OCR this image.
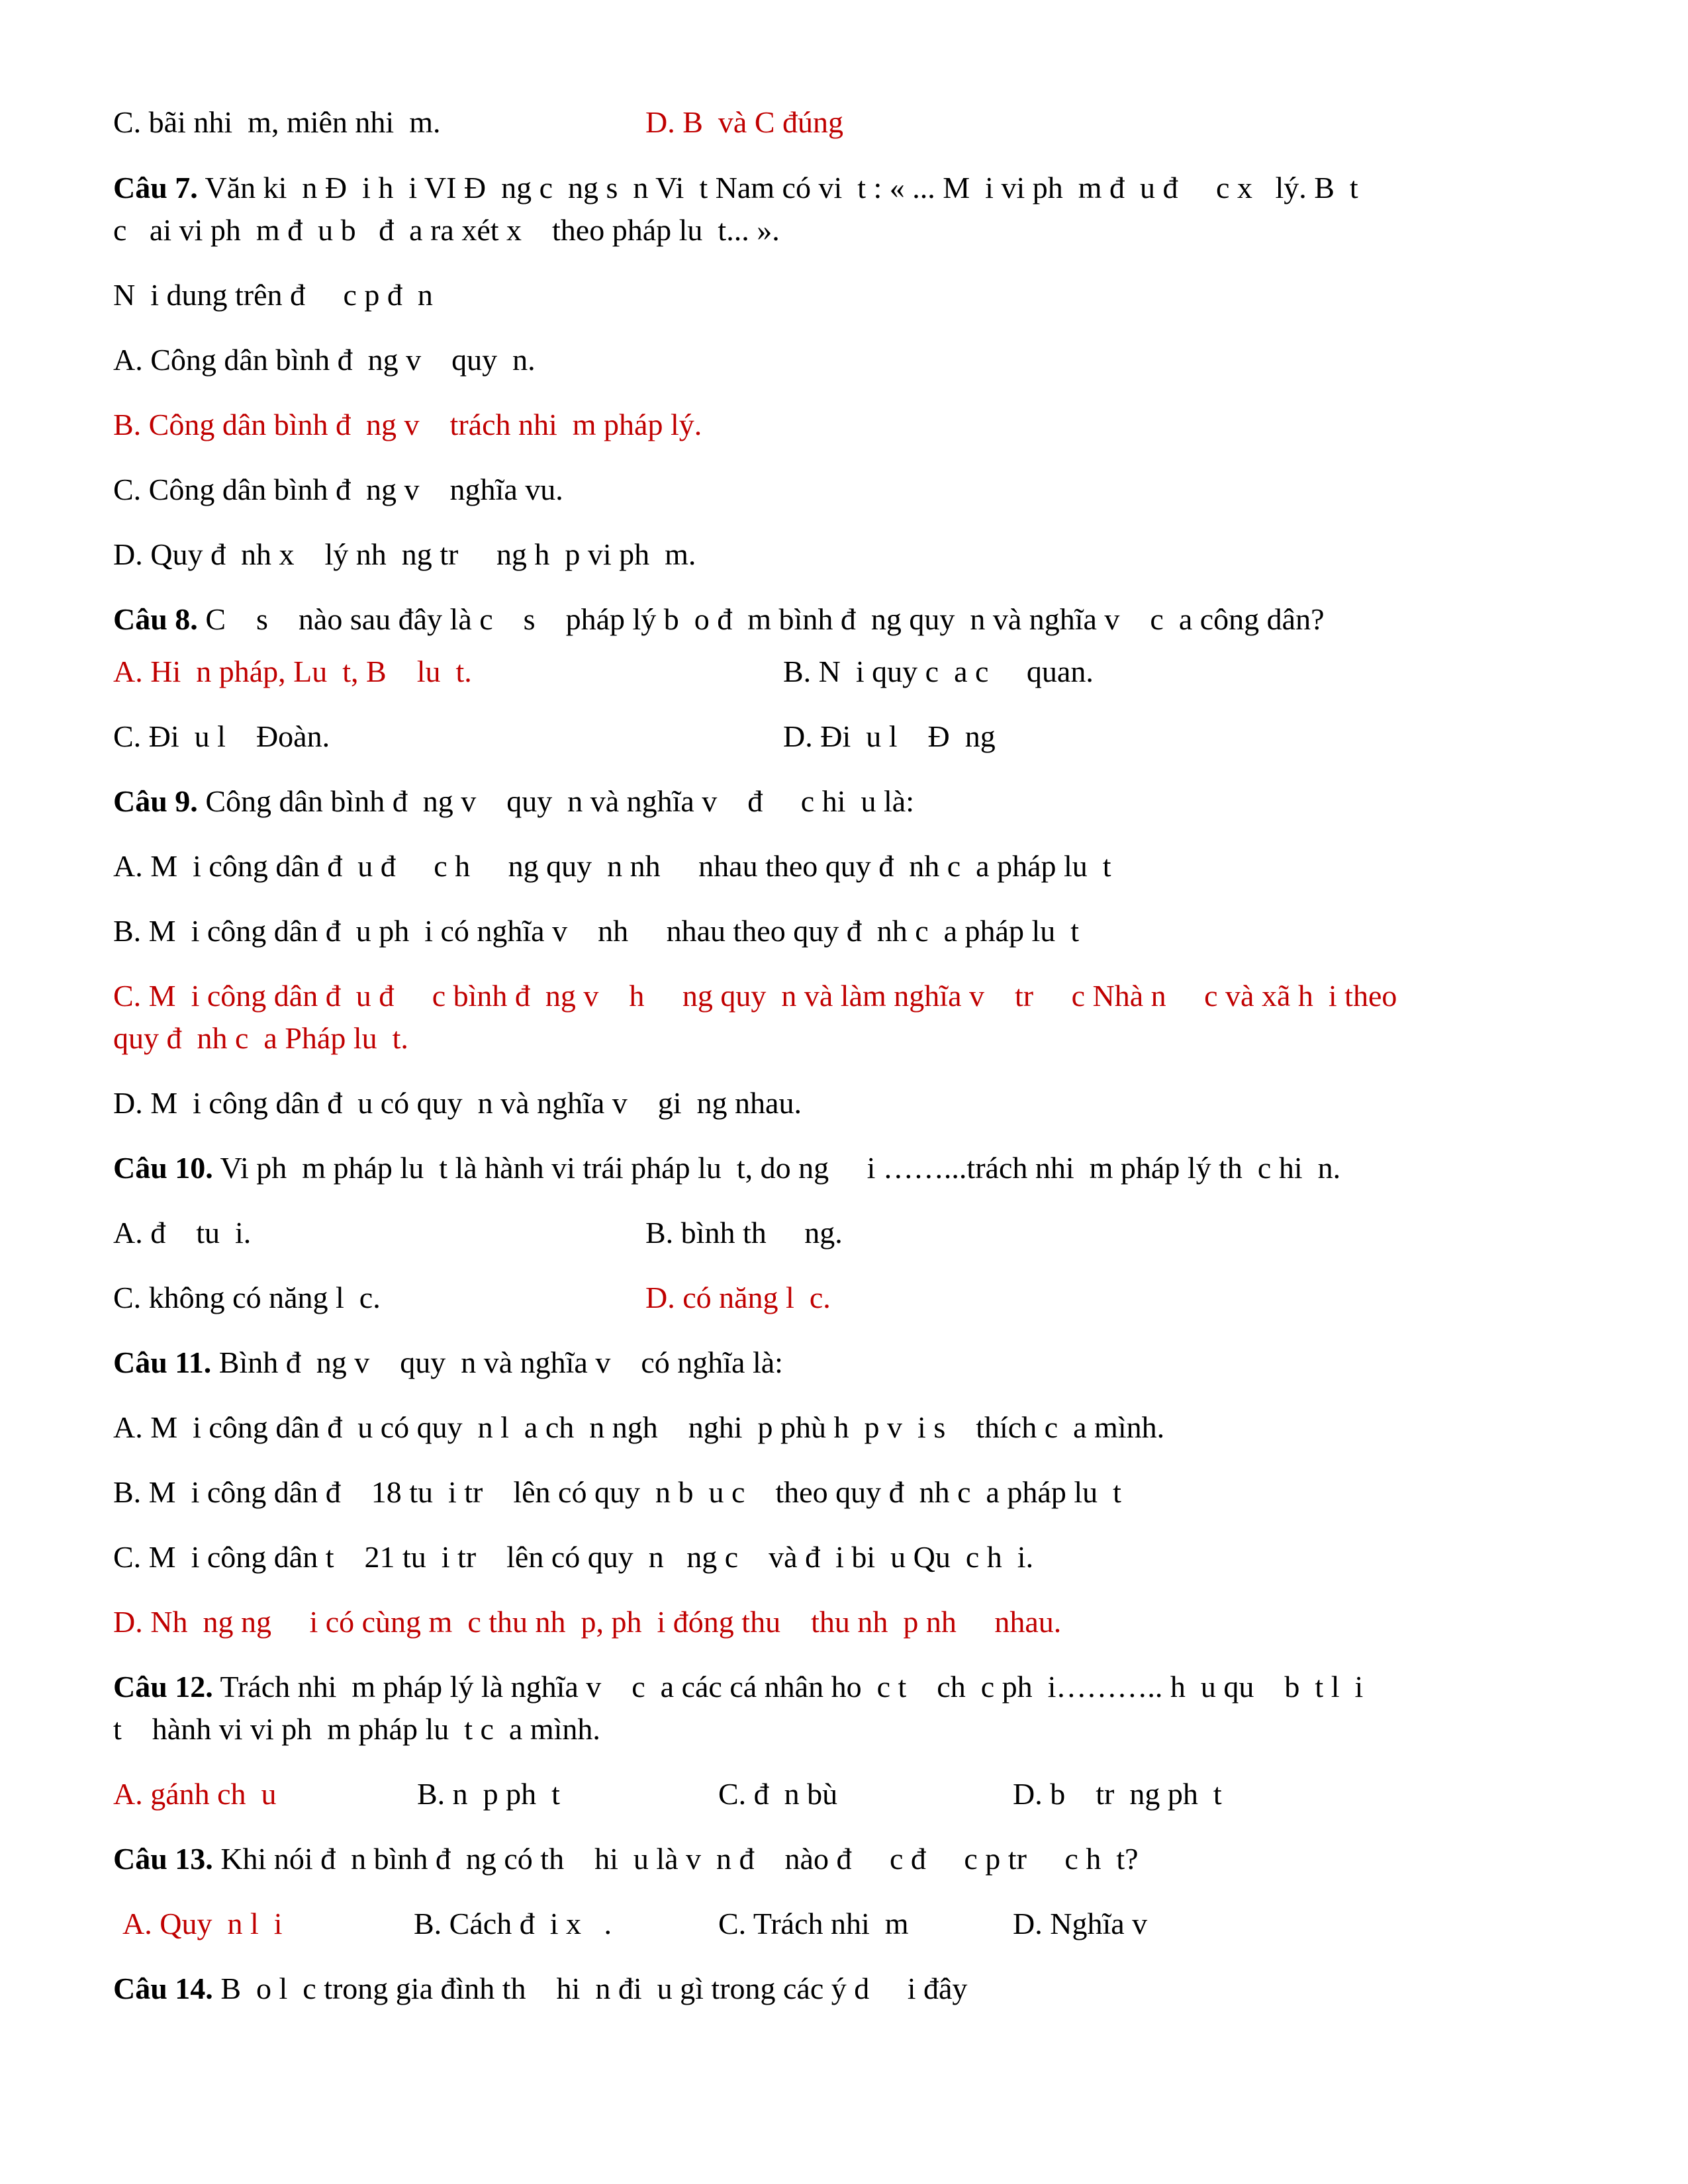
C. bãi nhi  m, miên nhi  m.	D. B  và C đúng
Câu 7. Văn ki  n Đ  i h  i VI Đ  ng c  ng s  n Vi  t Nam có vi  t : « ... M  i vi ph  m đ  u đ     c x   lý. B  t
c   ai vi ph  m đ  u b   đ  a ra xét x    theo pháp lu  t... ».
N  i dung trên đ     c p đ  n
A. Công dân bình đ  ng v    quy  n.
B. Công dân bình đ  ng v    trách nhi  m pháp lý.
C. Công dân bình đ  ng v    nghĩa vu.
D. Quy đ  nh x    lý nh  ng tr     ng h  p vi ph  m.
Câu 8. C    s    nào sau đây là c    s    pháp lý b  o đ  m bình đ  ng quy  n và nghĩa v    c  a công dân?
A. Hi  n pháp, Lu  t, B    lu  t.	B. N  i quy c  a c     quan.
C. Đi  u l    Đoàn.	D. Đi  u l    Đ  ng
Câu 9. Công dân bình đ  ng v    quy  n và nghĩa v    đ     c hi  u là:
A. M  i công dân đ  u đ     c h     ng quy  n nh     nhau theo quy đ  nh c  a pháp lu  t
B. M  i công dân đ  u ph  i có nghĩa v    nh     nhau theo quy đ  nh c  a pháp lu  t
C. M  i công dân đ  u đ     c bình đ  ng v    h     ng quy  n và làm nghĩa v    tr     c Nhà n     c và xã h  i theo
quy đ  nh c  a Pháp lu  t.
D. M  i công dân đ  u có quy  n và nghĩa v    gi  ng nhau.
Câu 10. Vi ph  m pháp lu  t là hành vi trái pháp lu  t, do ng     i ……...trách nhi  m pháp lý th  c hi  n.
A. đ    tu  i.	B. bình th     ng.
C. không có năng l  c.	D. có năng l  c.
Câu 11. Bình đ  ng v    quy  n và nghĩa v    có nghĩa là:
A. M  i công dân đ  u có quy  n l  a ch  n ngh    nghi  p phù h  p v  i s    thích c  a mình.
B. M  i công dân đ    18 tu  i tr    lên có quy  n b  u c    theo quy đ  nh c  a pháp lu  t
C. M  i công dân t    21 tu  i tr    lên có quy  n   ng c    và đ  i bi  u Qu  c h  i.
D. Nh  ng ng     i có cùng m  c thu nh  p, ph  i đóng thu    thu nh  p nh     nhau.
Câu 12. Trách nhi  m pháp lý là nghĩa v    c  a các cá nhân ho  c t    ch  c ph  i……….. h  u qu    b  t l  i
t    hành vi vi ph  m pháp lu  t c  a mình.
A. gánh ch  u	B. n  p ph  t	C. đ  n bù	D. b    tr  ng ph  t
Câu 13. Khi nói đ  n bình đ  ng có th    hi  u là v  n đ    nào đ     c đ     c p tr     c h  t?
A. Quy  n l  i	B. Cách đ  i x   .	C. Trách nhi  m	D. Nghĩa v
Câu 14. B  o l  c trong gia đình th    hi  n đi  u gì trong các ý d     i đây
